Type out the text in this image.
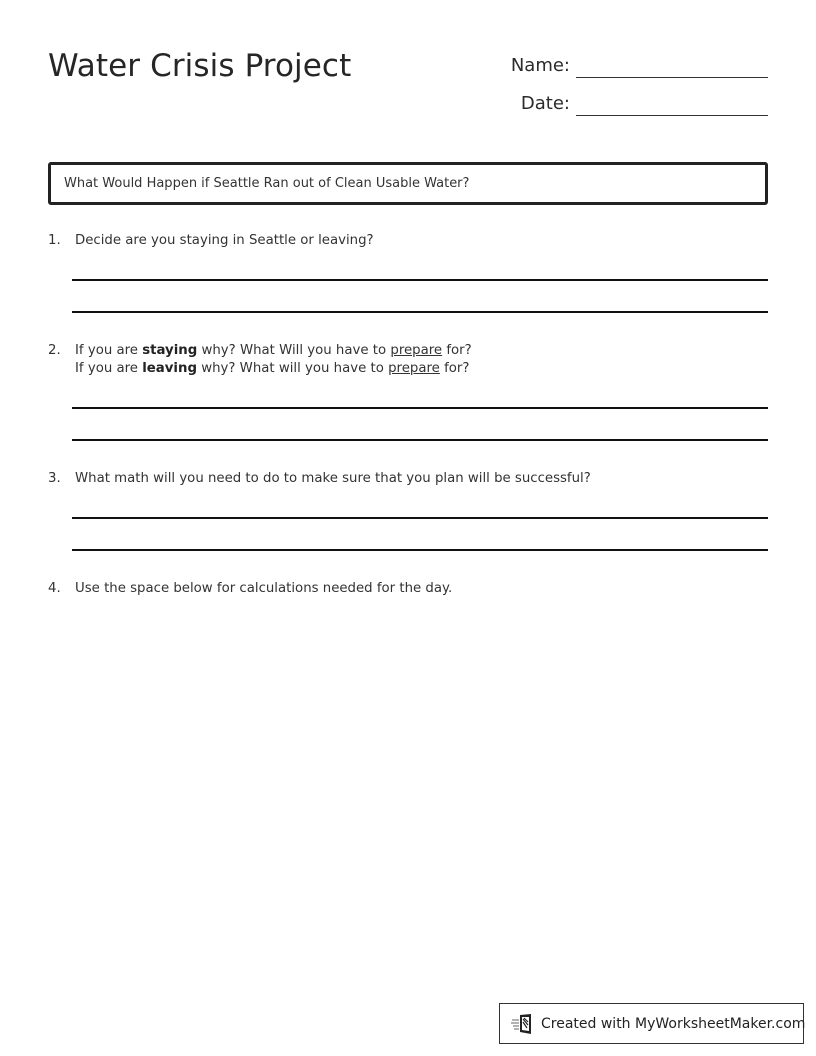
Water Crisis Project	Name:
Date:
What Would Happen if Seattle Ran out of Clean Usable Water?
1. Decide are you staying in Seattle or leaving?
2. If you are staying why? What Will you have to prepare for?
If you are leaving why? What will you have to prepare for?
3. What math will you need to do to make sure that you plan will be successful?
4. Use the space below for calculations needed for the day.
Created with MyWorksheetMaker.com
